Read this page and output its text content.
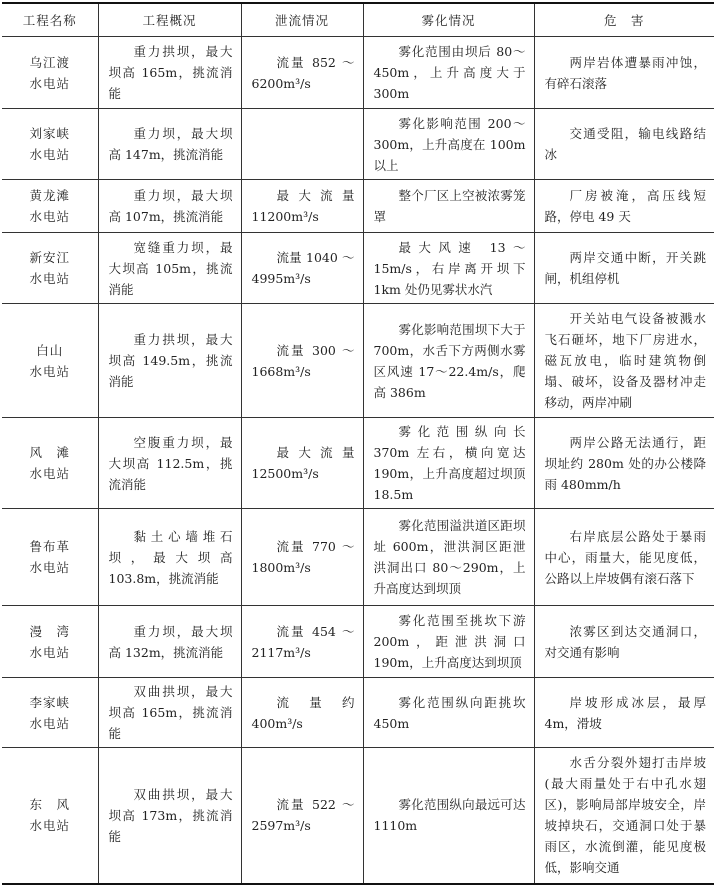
工程名称	工程概况	泄流情况	雾化情况	危　害
乌江渡
水电站	重力拱坝，最大坝高 165m，挑流消能	流量 852 ～ 6200m³/s	雾化范围由坝后 80～450m，上升高度大于 300m	两岸岩体遭暴雨冲蚀，有碎石滚落
刘家峡
水电站	重力坝，最大坝高 147m，挑流消能		雾化影响范围 200～300m，上升高度在 100m 以上	交通受阻，输电线路结冰
黄龙滩
水电站	重力坝，最大坝高 107m，挑流消能	最大流量 11200m³/s	整个厂区上空被浓雾笼罩	厂房被淹，高压线短路，停电 49 天
新安江
水电站	宽缝重力坝，最大坝高 105m，挑流消能	流量 1040 ～ 4995m³/s	最大风速 13～15m/s，右岸离开坝下 1km 处仍见雾状水汽	两岸交通中断，开关跳闸，机组停机
白山
水电站	重力拱坝，最大坝高 149.5m，挑流消能	流量 300 ～ 1668m³/s	雾化影响范围坝下大于 700m，水舌下方两侧水雾区风速 17～22.4m/s，爬高 386m	开关站电气设备被溅水飞石砸坏，地下厂房进水，磁瓦放电，临时建筑物倒塌、破坏，设备及器材冲走移动，两岸冲刷
风　滩
水电站	空腹重力坝，最大坝高 112.5m，挑流消能	最大流量 12500m³/s	雾化范围纵向长 370m 左右，横向宽达 190m，上升高度超过坝顶 18.5m	两岸公路无法通行，距坝址约 280m 处的办公楼降雨 480mm/h
鲁布革
水电站	黏土心墙堆石坝，最大坝高 103.8m，挑流消能	流量 770 ～ 1800m³/s	雾化范围溢洪道区距坝址 600m，泄洪洞区距泄洪洞出口 80～290m，上升高度达到坝顶	右岸底层公路处于暴雨中心，雨量大，能见度低，公路以上岸坡偶有滚石落下
漫　湾
水电站	重力坝，最大坝高 132m，挑流消能	流量 454 ～ 2117m³/s	雾化范围至挑坎下游 200m，距泄洪洞口 190m，上升高度达到坝顶	浓雾区到达交通洞口，对交通有影响
李家峡
水电站	双曲拱坝，最大坝高 165m，挑流消能	流量约 400m³/s	雾化范围纵向距挑坎 450m	岸坡形成冰层，最厚 4m，滑坡
东　风
水电站	双曲拱坝，最大坝高 173m，挑流消能	流量 522 ～ 2597m³/s	雾化范围纵向最远可达 1110m	水舌分裂外翅打击岸坡(最大雨量处于右中孔水翅区)，影响局部岸坡安全，岸坡掉块石，交通洞口处于暴雨区，水流倒灌，能见度极低，影响交通
